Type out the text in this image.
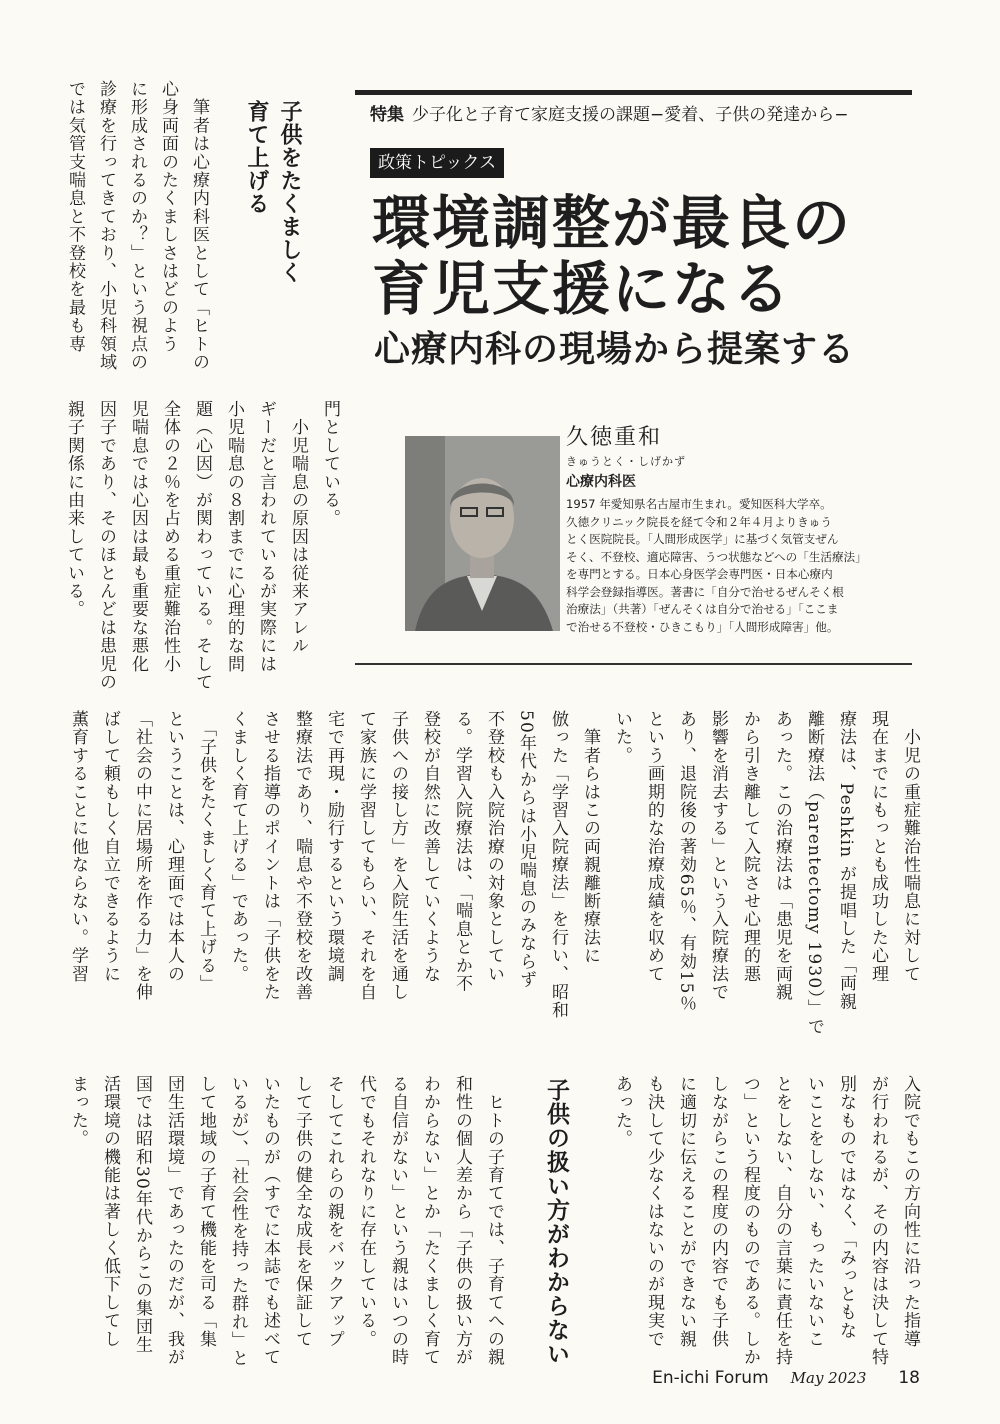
特集 少子化と子育て家庭支援の課題−愛着、子供の発達から−
政策トピックス
環境調整が最良の
育児支援になる
心療内科の現場から提案する
久徳重和
きゅうとく・しげかず
心療内科医
1957 年愛知県名古屋市生まれ。愛知医科大学卒。
久徳クリニック院長を経て令和２年４月よりきゅう
とく医院院長。「人間形成医学」に基づく気管支ぜん
そく、不登校、適応障害、うつ状態などへの「生活療法」
を専門とする。日本心身医学会専門医・日本心療内
科学会登録指導医。著書に「自分で治せるぜんそく根
治療法」（共著）「ぜんそくは自分で治せる」「ここま
で治せる不登校・ひきこもり」「人間形成障害」他。
子供をたくましく
育て上げる
　筆者は心療内科医として「ヒトの
心身両面のたくましさはどのよう
に形成されるのか？」という視点の
診療を行ってきており、小児科領域
では気管支喘息と不登校を最も専
門としている。
　小児喘息の原因は従来アレル
ギーだと言われているが実際には
小児喘息の８割までに心理的な問
題（心因）が関わっている。そして
全体の２％を占める重症難治性小
児喘息では心因は最も重要な悪化
因子であり、そのほとんどは患児の
親子関係に由来している。
　小児の重症難治性喘息に対して
現在までにもっとも成功した心理
療法は、Peshkin が提唱した「両親
離断療法（parentectomy 1930）」で
あった。この治療法は「患児を両親
から引き離して入院させ心理的悪
影響を消去する」という入院療法で
あり、退院後の著効65％、有効15％
という画期的な治療成績を収めて
いた。
　筆者らはこの両親離断療法に
倣った「学習入院療法」を行い、昭和
50年代からは小児喘息のみならず
不登校も入院治療の対象としてい
る。学習入院療法は、「喘息とか不
登校が自然に改善していくような
子供への接し方」を入院生活を通し
て家族に学習してもらい、それを自
宅で再現・励行するという環境調
整療法であり、喘息や不登校を改善
させる指導のポイントは「子供をた
くましく育て上げる」であった。
　「子供をたくましく育て上げる」
ということは、心理面では本人の
「社会の中に居場所を作る力」を伸
ばして頼もしく自立できるように
薫育することに他ならない。学習
入院でもこの方向性に沿った指導
が行われるが、その内容は決して特
別なものではなく、「みっともな
いことをしない、もったいないこ
とをしない、自分の言葉に責任を持
つ」という程度のものである。しか
しながらこの程度の内容でも子供
に適切に伝えることができない親
も決して少なくはないのが現実で
あった。
子供の扱い方がわからない
　ヒトの子育てでは、子育てへの親
和性の個人差から「子供の扱い方が
わからない」とか「たくましく育て
る自信がない」という親はいつの時
代でもそれなりに存在している。
そしてこれらの親をバックアップ
して子供の健全な成長を保証して
いたものが（すでに本誌でも述べて
いるが）、「社会性を持った群れ」と
して地域の子育て機能を司る「集
団生活環境」であったのだが、我が
国では昭和30年代からこの集団生
活環境の機能は著しく低下してし
まった。
En-ichi Forum May 2023 18
